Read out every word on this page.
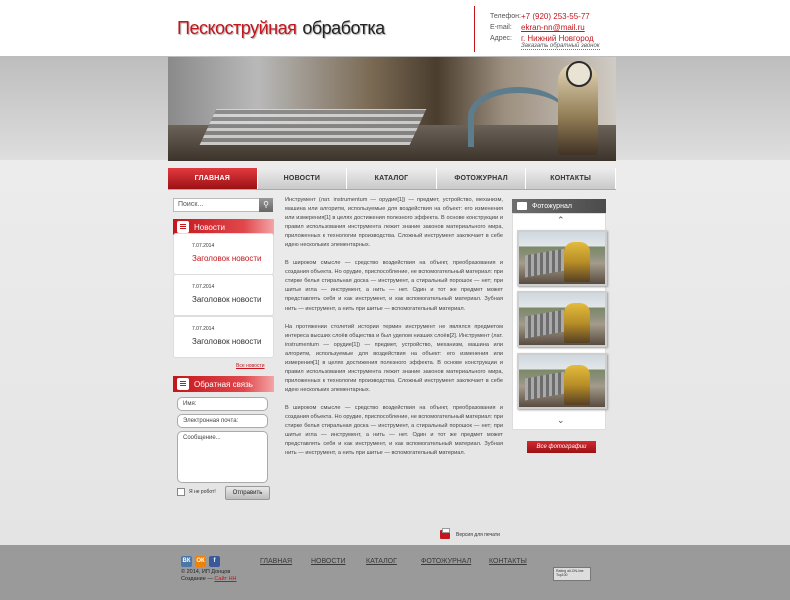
Пескоструйная обработка
Телефон: +7 (920) 253-55-77
E-mail:	ekran-nn@mail.ru
Адрес:	г. Нижний Новгород
Заказать обратный звонок
ГЛАВНАЯ	НОВОСТИ	КАТАЛОГ	ФОТОЖУРНАЛ	КОНТАКТЫ
Поиск...	⚲
Новости
7.07.2014
Заголовок новости
7.07.2014
Заголовок новости
7.07.2014
Заголовок новости
Все новости
Обратная связь
Имя:
Электронная почта:
Сообщение...
Я не робот!	Отправить

Инструмент (лат. instrumentum — орудие[1]) — предмет, устройство, механизм, машина или алгоритм, используемые для воздействия на объект: его изменения или измерения[1] в целях достижения полезного эффекта. В основе конструкции и правил использования инструмента лежит знание законов материального мира, приложенных к технологии производства. Сложный инструмент заключает в себе идею нескольких элементарных.

В широком смысле — средство воздействия на объект, преобразования и создания объекта. Но орудие, приспособление, не вспомогательный материал: при стирке белья стиральная доска — инструмент, а стиральный порошок — нет; при шитье игла — инструмент, а нить — нет. Один и тот же предмет может представлять себя и как инструмент, и как вспомогательный материал. Зубная нить — инструмент, а нить при шитье — вспомогательный материал.

На протяжении столетий истории термин инструмент не являлся предметом интереса высших слоёв общества и был уделом низших слоёв[2]. Инструмент (лат. instrumentum — орудие[1]) — предмет, устройство, механизм, машина или алгоритм, используемые для воздействия на объект: его изменения или измерения[1] в целях достижения полезного эффекта. В основе конструкции и правил использования инструмента лежит знание законов материального мира, приложенных к технологии производства. Сложный инструмент заключает в себе идею нескольких элементарных.

В широком смысле — средство воздействия на объект, преобразования и создания объекта. Но орудие, приспособление, не вспомогательный материал: при стирке белья стиральная доска — инструмент, а стиральный порошок — нет; при шитье игла — инструмент, а нить — нет. Один и тот же предмет может представлять себя и как инструмент, и как вспомогательный материал. Зубная нить — инструмент, а нить при шитье — вспомогательный материал.

Версия для печати
Фотожурнал
⌃
⌄
Все фотографии
ВК ОК	f
© 2014, ИП Донцов
Создание — Сайт НН
ГЛАВНАЯ	НОВОСТИ	КАТАЛОГ	ФОТОЖУРНАЛ	КОНТАКТЫ
Rating all-ON-line Top100
